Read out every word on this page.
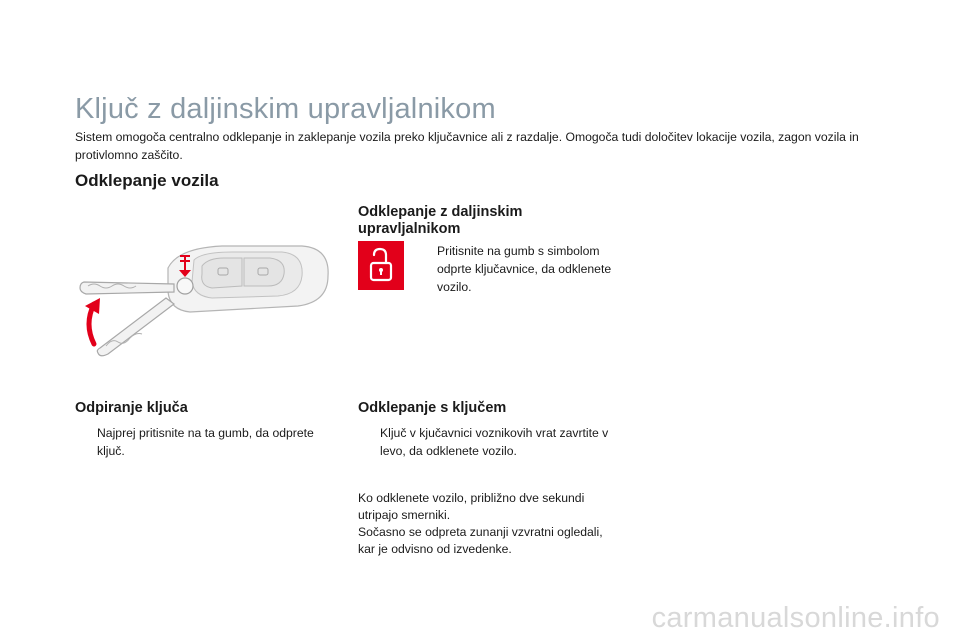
Ključ z daljinskim upravljalnikom
Sistem omogoča centralno odklepanje in zaklepanje vozila preko ključavnice ali z razdalje. Omogoča tudi določitev lokacije vozila, zagon vozila in protivlomno zaščito.
Odklepanje vozila
Odklepanje z daljinskim upravljalnikom
Pritisnite na gumb s simbolom odprte ključavnice, da odklenete vozilo.
Odpiranje ključa
Najprej pritisnite na ta gumb, da odprete ključ.
Odklepanje s ključem
Ključ v kjučavnici voznikovih vrat zavrtite v levo, da odklenete vozilo.
Ko odklenete vozilo, približno dve sekundi utripajo smerniki.
Sočasno se odpreta zunanji vzvratni ogledali, kar je odvisno od izvedenke.
carmanualsonline.info
